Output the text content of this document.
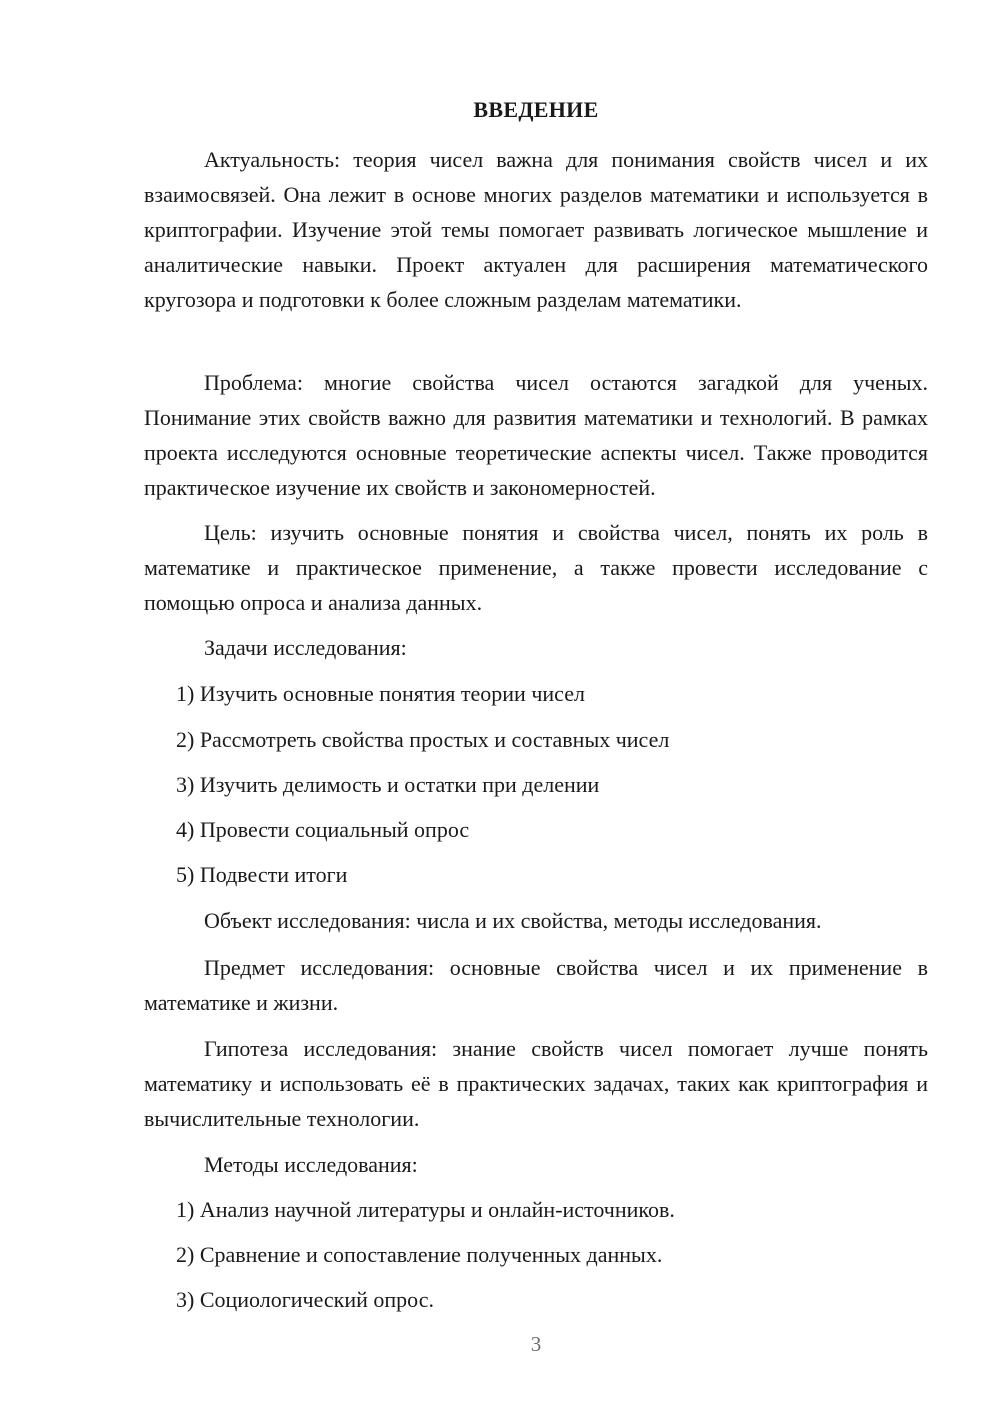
ВВЕДЕНИЕ

Актуальность: теория чисел важна для понимания свойств чисел и их взаимосвязей. Она лежит в основе многих разделов математики и используется в криптографии. Изучение этой темы помогает развивать логическое мышление и аналитические навыки. Проект актуален для расширения математического кругозора и подготовки к более сложным разделам математики.

Проблема: многие свойства чисел остаются загадкой для ученых. Понимание этих свойств важно для развития математики и технологий. В рамках проекта исследуются основные теоретические аспекты чисел. Также проводится практическое изучение их свойств и закономерностей.

Цель: изучить основные понятия и свойства чисел, понять их роль в математике и практическое применение, а также провести исследование с помощью опроса и анализа данных.

Задачи исследования:

1) Изучить основные понятия теории чисел

2) Рассмотреть свойства простых и составных чисел

3) Изучить делимость и остатки при делении

4) Провести социальный опрос

5) Подвести итоги

Объект исследования: числа и их свойства, методы исследования.

Предмет исследования: основные свойства чисел и их применение в математике и жизни.

Гипотеза исследования: знание свойств чисел помогает лучше понять математику и использовать её в практических задачах, таких как криптография и вычислительные технологии.

Методы исследования:

1) Анализ научной литературы и онлайн-источников.

2) Сравнение и сопоставление полученных данных.

3) Социологический опрос.

3
